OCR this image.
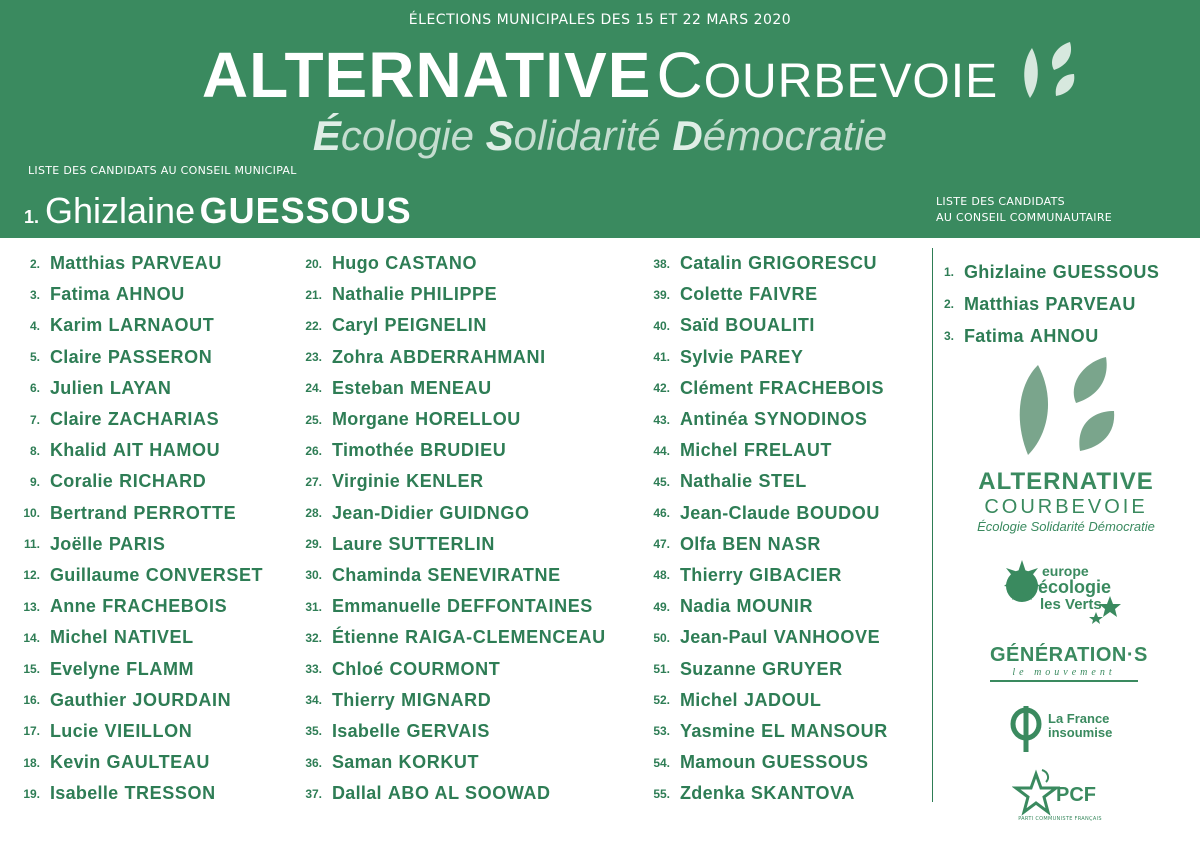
ÉLECTIONS MUNICIPALES DES 15 ET 22 MARS 2020
ALTERNATIVE COURBEVOIE
Écologie Solidarité Démocratie
LISTE DES CANDIDATS AU CONSEIL MUNICIPAL
1. Ghizlaine GUESSOUS	LISTE DES CANDIDATS
AU CONSEIL COMMUNAUTAIRE
2. Matthias PARVEAU
3. Fatima AHNOU
4. Karim LARNAOUT
5. Claire PASSERON
6. Julien LAYAN
7. Claire ZACHARIAS
8. Khalid AIT HAMOU
9. Coralie RICHARD
10. Bertrand PERROTTE
11. Joëlle PARIS
12. Guillaume CONVERSET
13. Anne FRACHEBOIS
14. Michel NATIVEL
15. Evelyne FLAMM
16. Gauthier JOURDAIN
17. Lucie VIEILLON
18. Kevin GAULTEAU
19. Isabelle TRESSON
20. Hugo CASTANO
21. Nathalie PHILIPPE
22. Caryl PEIGNELIN
23. Zohra ABDERRAHMANI
24. Esteban MENEAU
25. Morgane HORELLOU
26. Timothée BRUDIEU
27. Virginie KENLER
28. Jean-Didier GUIDNGO
29. Laure SUTTERLIN
30. Chaminda SENEVIRATNE
31. Emmanuelle DEFFONTAINES
32. Étienne RAIGA-CLEMENCEAU
33. Chloé COURMONT
34. Thierry MIGNARD
35. Isabelle GERVAIS
36. Saman KORKUT
37. Dallal ABO AL SOOWAD
38. Catalin GRIGORESCU
39. Colette FAIVRE
40. Saïd BOUALITI
41. Sylvie PAREY
42. Clément FRACHEBOIS
43. Antinéa SYNODINOS
44. Michel FRELAUT
45. Nathalie STEL
46. Jean-Claude BOUDOU
47. Olfa BEN NASR
48. Thierry GIBACIER
49. Nadia MOUNIR
50. Jean-Paul VANHOOVE
51. Suzanne GRUYER
52. Michel JADOUL
53. Yasmine EL MANSOUR
54. Mamoun GUESSOUS
55. Zdenka SKANTOVA
1. Ghizlaine GUESSOUS
2. Matthias PARVEAU
3. Fatima AHNOU
ALTERNATIVE
COURBEVOIE
Écologie Solidarité Démocratie
europe
écologie
les Verts
GÉNÉRATION·S
le mouvement
La France
insoumise
PCF
PARTI COMMUNISTE FRANÇAIS
